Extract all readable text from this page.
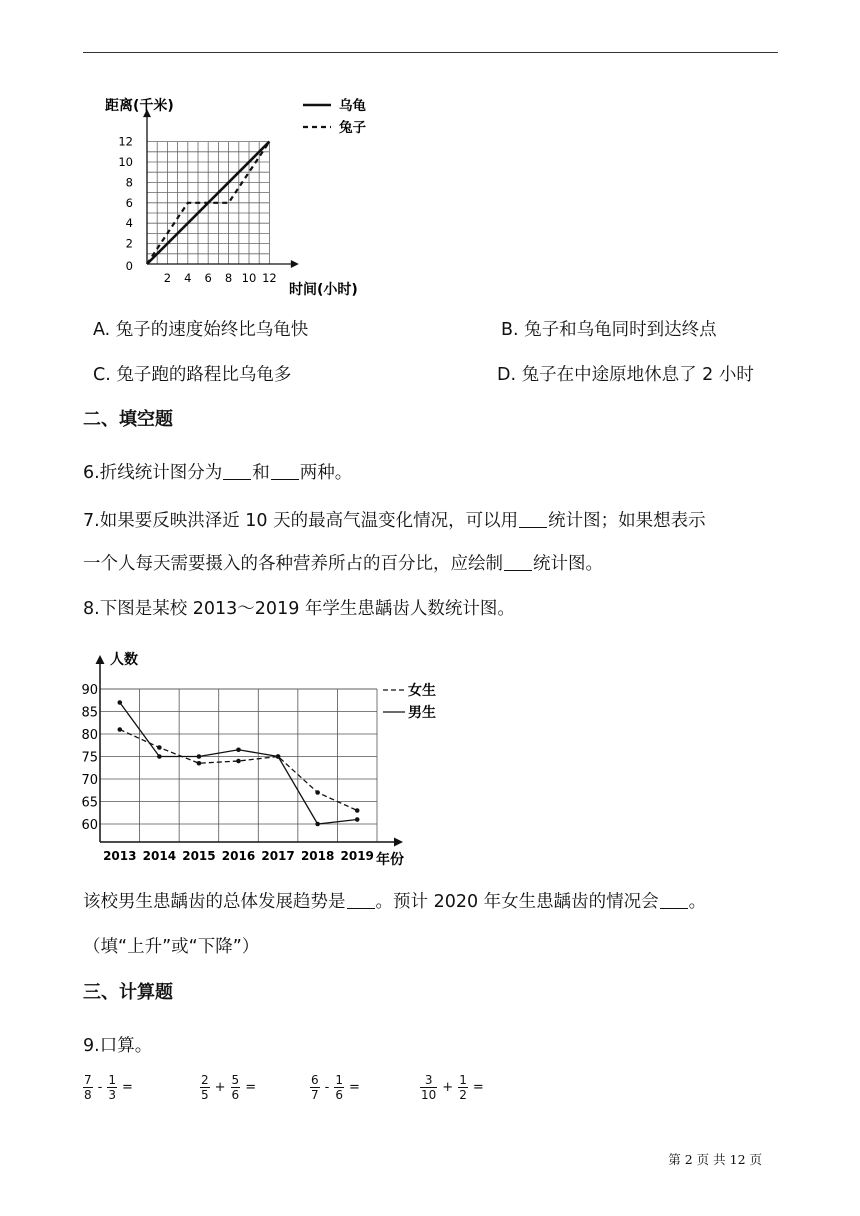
2 4 6 8 10 12
2
4
6
8
10
12
0
距离(千米)
时间(小时)
乌龟
兔子
A. 兔子的速度始终比乌龟快	B. 兔子和乌龟同时到达终点
C. 兔子跑的路程比乌龟多	D. 兔子在中途原地休息了 2 小时
二、填空题
6.折线统计图分为 和 两种。
7.如果要反映洪泽近 10 天的最高气温变化情况，可以用 统计图；如果想表示
一个人每天需要摄入的各种营养所占的百分比，应绘制 统计图。
8.下图是某校 2013～2019 年学生患龋齿人数统计图。
60
65
70
75
80
85
90
2013 2014 2015 2016 2017 2018 2019
人数
年份
女生
男生
该校男生患龋齿的总体发展趋势是 。预计 2020 年女生患龋齿的情况会 。
（填“上升”或“下降”）
三、计算题
9.口算。
$\frac{7}{8} - \frac{1}{3}$ =	$\frac{2}{5} + \frac{5}{6}$ =	$\frac{6}{7} - \frac{1}{6}$ =	$\frac{3}{10} + \frac{1}{2}$ =
第 2 页 共 12 页
